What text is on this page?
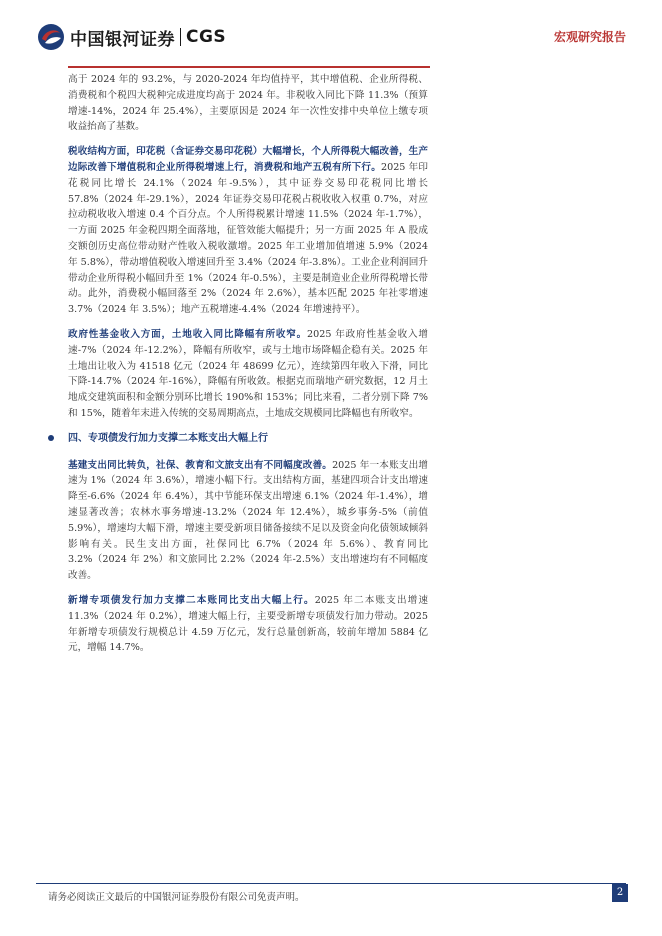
中国银河证券 CGS	宏观研究报告

高于 2024 年的 93.2%，与 2020-2024 年均值持平，其中增值税、企业所得税、消费税和个税四大税种完成进度均高于 2024 年。非税收入同比下降 11.3%（预算增速-14%，2024 年 25.4%），主要原因是 2024 年一次性安排中央单位上缴专项收益抬高了基数。

税收结构方面，印花税（含证券交易印花税）大幅增长，个人所得税大幅改善，生产边际改善下增值税和企业所得税增速上行，消费税和地产五税有所下行。2025 年印花税同比增长 24.1%（2024 年-9.5%），其中证券交易印花税同比增长 57.8%（2024 年-29.1%），2024 年证券交易印花税占税收收入权重 0.7%，对应拉动税收收入增速 0.4 个百分点。个人所得税累计增速 11.5%（2024 年-1.7%），一方面 2025 年金税四期全面落地，征管效能大幅提升；另一方面 2025 年 A 股成交额创历史高位带动财产性收入税收激增。2025 年工业增加值增速 5.9%（2024 年 5.8%），带动增值税收入增速回升至 3.4%（2024 年-3.8%）。工业企业利润回升带动企业所得税小幅回升至 1%（2024 年-0.5%），主要是制造业企业所得税增长带动。此外，消费税小幅回落至 2%（2024 年 2.6%），基本匹配 2025 年社零增速 3.7%（2024 年 3.5%）；地产五税增速-4.4%（2024 年增速持平）。

政府性基金收入方面，土地收入同比降幅有所收窄。2025 年政府性基金收入增速-7%（2024 年-12.2%），降幅有所收窄，或与土地市场降幅企稳有关。2025 年土地出让收入为 41518 亿元（2024 年 48699 亿元），连续第四年收入下滑，同比下降-14.7%（2024 年-16%），降幅有所收敛。根据克而瑞地产研究数据，12 月土地成交建筑面积和金额分别环比增长 190%和 153%；同比来看，二者分别下降 7%和 15%，随着年末进入传统的交易周期高点，土地成交规模同比降幅也有所收窄。

四、专项债发行加力支撑二本账支出大幅上行

基建支出同比转负，社保、教育和文旅支出有不同幅度改善。2025 年一本账支出增速为 1%（2024 年 3.6%），增速小幅下行。支出结构方面，基建四项合计支出增速降至-6.6%（2024 年 6.4%），其中节能环保支出增速 6.1%（2024 年-1.4%），增速显著改善；农林水事务增速-13.2%（2024 年 12.4%），城乡事务-5%（前值 5.9%），增速均大幅下滑，增速主要受新项目储备接续不足以及资金向化债领域倾斜影响有关。民生支出方面，社保同比 6.7%（2024 年 5.6%）、教育同比 3.2%（2024 年 2%）和文旅同比 2.2%（2024 年-2.5%）支出增速均有不同幅度改善。

新增专项债发行加力支撑二本账同比支出大幅上行。2025 年二本账支出增速 11.3%（2024 年 0.2%），增速大幅上行，主要受新增专项债发行加力带动。2025 年新增专项债发行规模总计 4.59 万亿元，发行总量创新高，较前年增加 5884 亿元，增幅 14.7%。

请务必阅读正文最后的中国银河证券股份有限公司免责声明。	2
